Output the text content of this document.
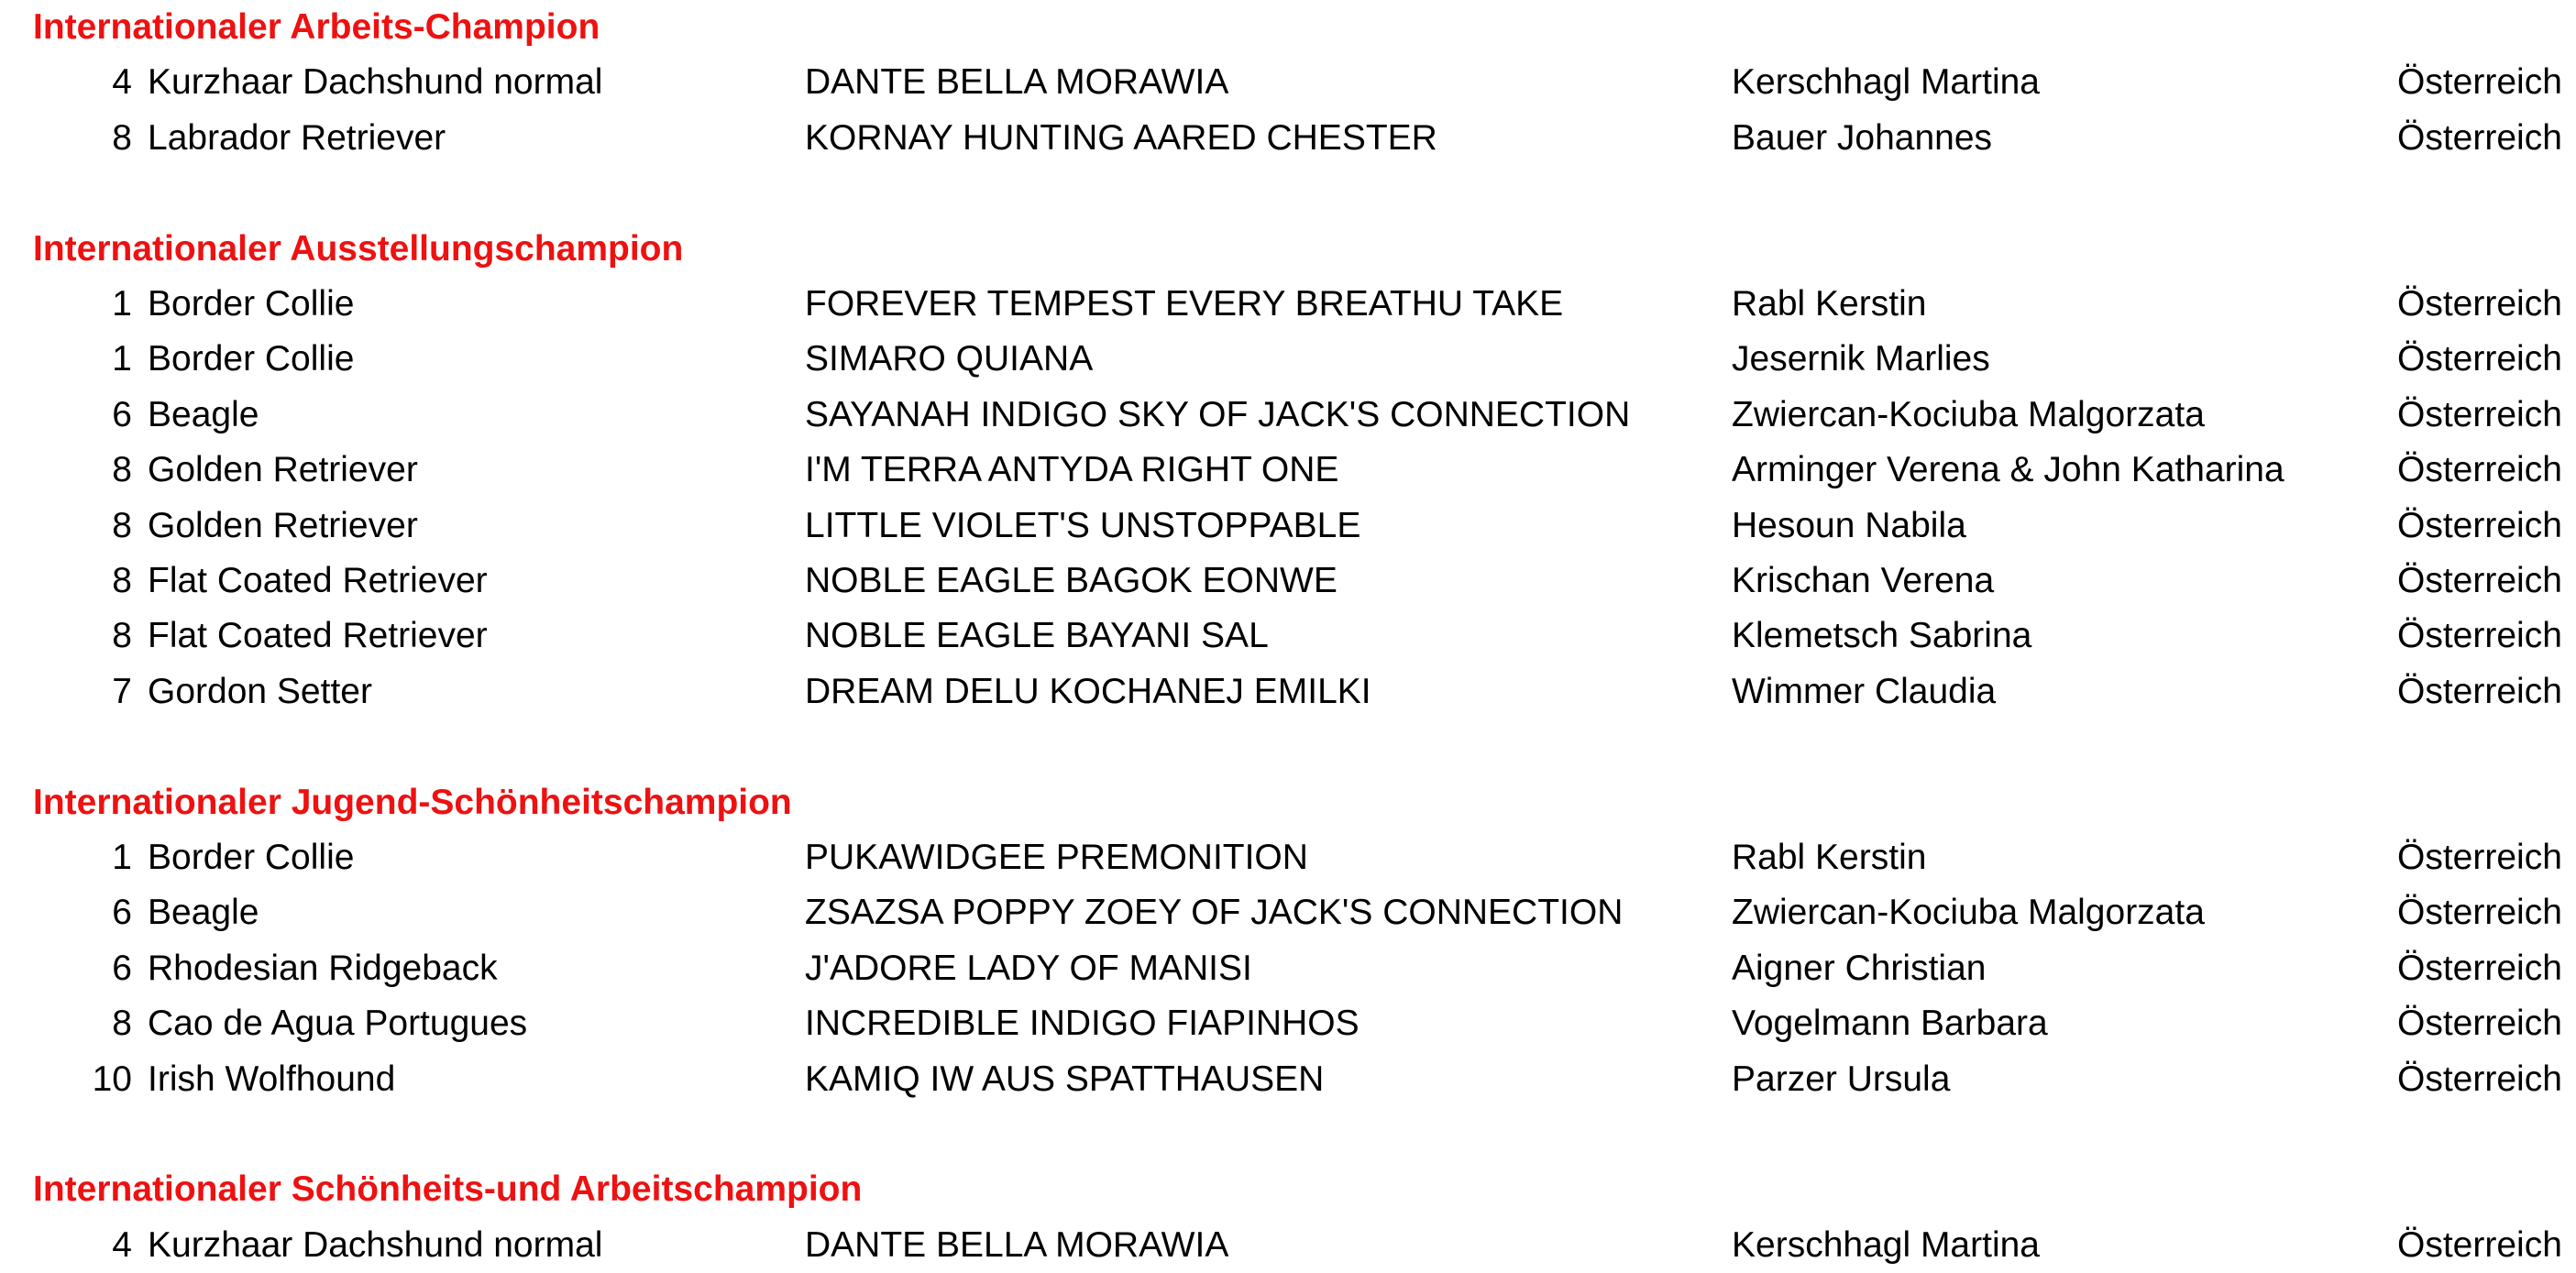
Internationaler Arbeits-Champion
4 Kurzhaar Dachshund normal	DANTE BELLA MORAWIA	Kerschhagl Martina	Österreich
8 Labrador Retriever	KORNAY HUNTING AARED CHESTER	Bauer Johannes	Österreich
Internationaler Ausstellungschampion
1 Border Collie	FOREVER TEMPEST EVERY BREATHU TAKE	Rabl Kerstin	Österreich
1 Border Collie	SIMARO QUIANA	Jesernik Marlies	Österreich
6 Beagle	SAYANAH INDIGO SKY OF JACK'S CONNECTION	Zwiercan-Kociuba Malgorzata	Österreich
8 Golden Retriever	I'M TERRA ANTYDA RIGHT ONE	Arminger Verena & John Katharina	Österreich
8 Golden Retriever	LITTLE VIOLET'S UNSTOPPABLE	Hesoun Nabila	Österreich
8 Flat Coated Retriever	NOBLE EAGLE BAGOK EONWE	Krischan Verena	Österreich
8 Flat Coated Retriever	NOBLE EAGLE BAYANI SAL	Klemetsch Sabrina	Österreich
7 Gordon Setter	DREAM DELU KOCHANEJ EMILKI	Wimmer Claudia	Österreich
Internationaler Jugend-Schönheitschampion
1 Border Collie	PUKAWIDGEE PREMONITION	Rabl Kerstin	Österreich
6 Beagle	ZSAZSA POPPY ZOEY OF JACK'S CONNECTION	Zwiercan-Kociuba Malgorzata	Österreich
6 Rhodesian Ridgeback	J'ADORE LADY OF MANISI	Aigner Christian	Österreich
8 Cao de Agua Portugues	INCREDIBLE INDIGO FIAPINHOS	Vogelmann Barbara	Österreich
10 Irish Wolfhound	KAMIQ IW AUS SPATTHAUSEN	Parzer Ursula	Österreich
Internationaler Schönheits-und Arbeitschampion
4 Kurzhaar Dachshund normal	DANTE BELLA MORAWIA	Kerschhagl Martina	Österreich
